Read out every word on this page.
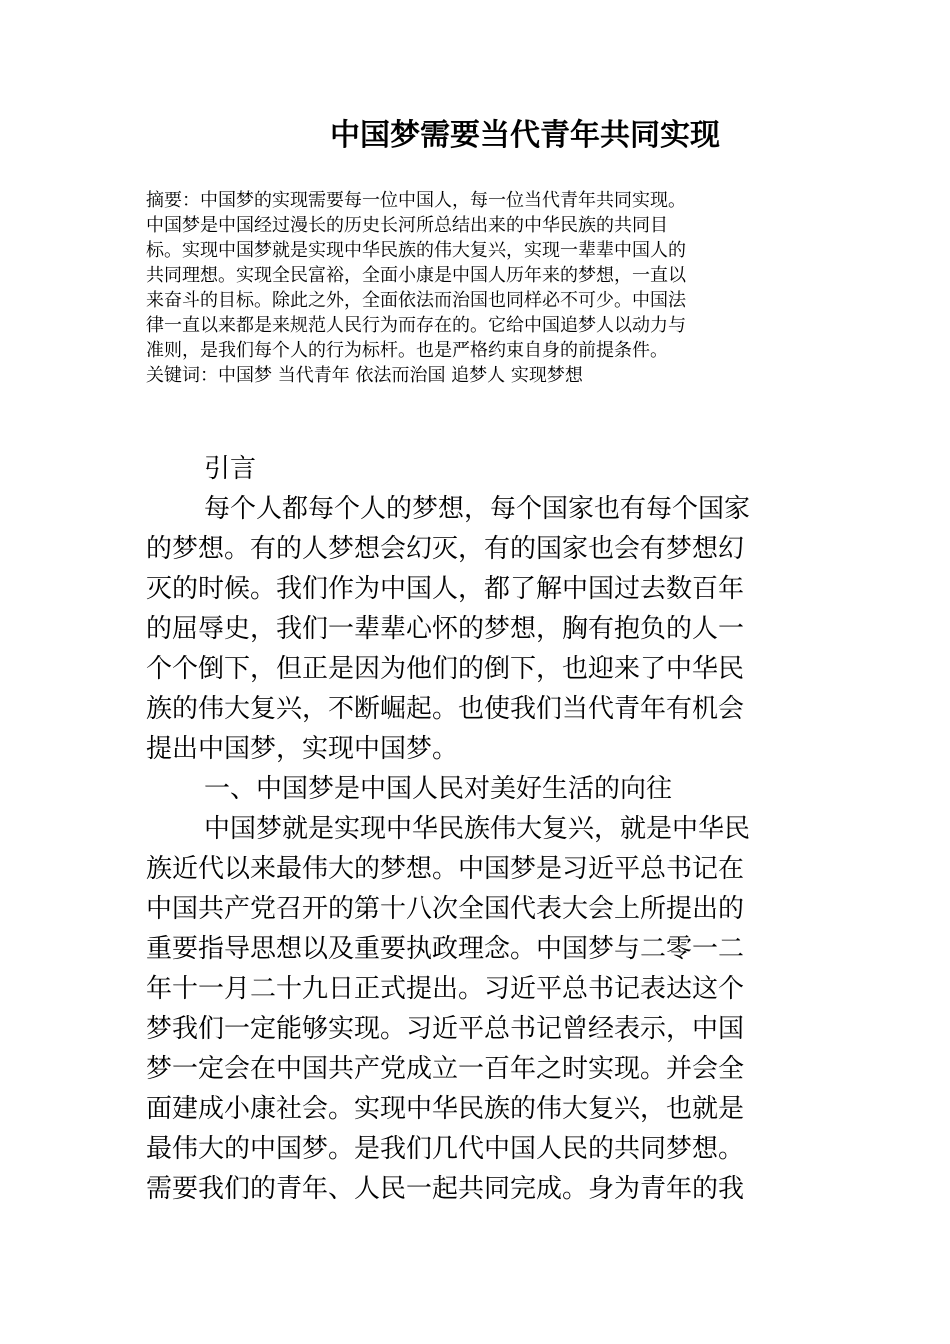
中国梦需要当代青年共同实现
摘要：中国梦的实现需要每一位中国人，每一位当代青年共同实现。
中国梦是中国经过漫长的历史长河所总结出来的中华民族的共同目
标。实现中国梦就是实现中华民族的伟大复兴，实现一辈辈中国人的
共同理想。实现全民富裕，全面小康是中国人历年来的梦想，一直以
来奋斗的目标。除此之外，全面依法而治国也同样必不可少。中国法
律一直以来都是来规范人民行为而存在的。它给中国追梦人以动力与
准则，是我们每个人的行为标杆。也是严格约束自身的前提条件。
关键词：中国梦 当代青年 依法而治国 追梦人 实现梦想
引言
每个人都每个人的梦想，每个国家也有每个国家
的梦想。有的人梦想会幻灭，有的国家也会有梦想幻
灭的时候。我们作为中国人，都了解中国过去数百年
的屈辱史，我们一辈辈心怀的梦想，胸有抱负的人一
个个倒下，但正是因为他们的倒下，也迎来了中华民
族的伟大复兴，不断崛起。也使我们当代青年有机会
提出中国梦，实现中国梦。
一、中国梦是中国人民对美好生活的向往
中国梦就是实现中华民族伟大复兴，就是中华民
族近代以来最伟大的梦想。中国梦是习近平总书记在
中国共产党召开的第十八次全国代表大会上所提出的
重要指导思想以及重要执政理念。中国梦与二零一二
年十一月二十九日正式提出。习近平总书记表达这个
梦我们一定能够实现。习近平总书记曾经表示，中国
梦一定会在中国共产党成立一百年之时实现。并会全
面建成小康社会。实现中华民族的伟大复兴，也就是
最伟大的中国梦。是我们几代中国人民的共同梦想。
需要我们的青年、人民一起共同完成。身为青年的我
